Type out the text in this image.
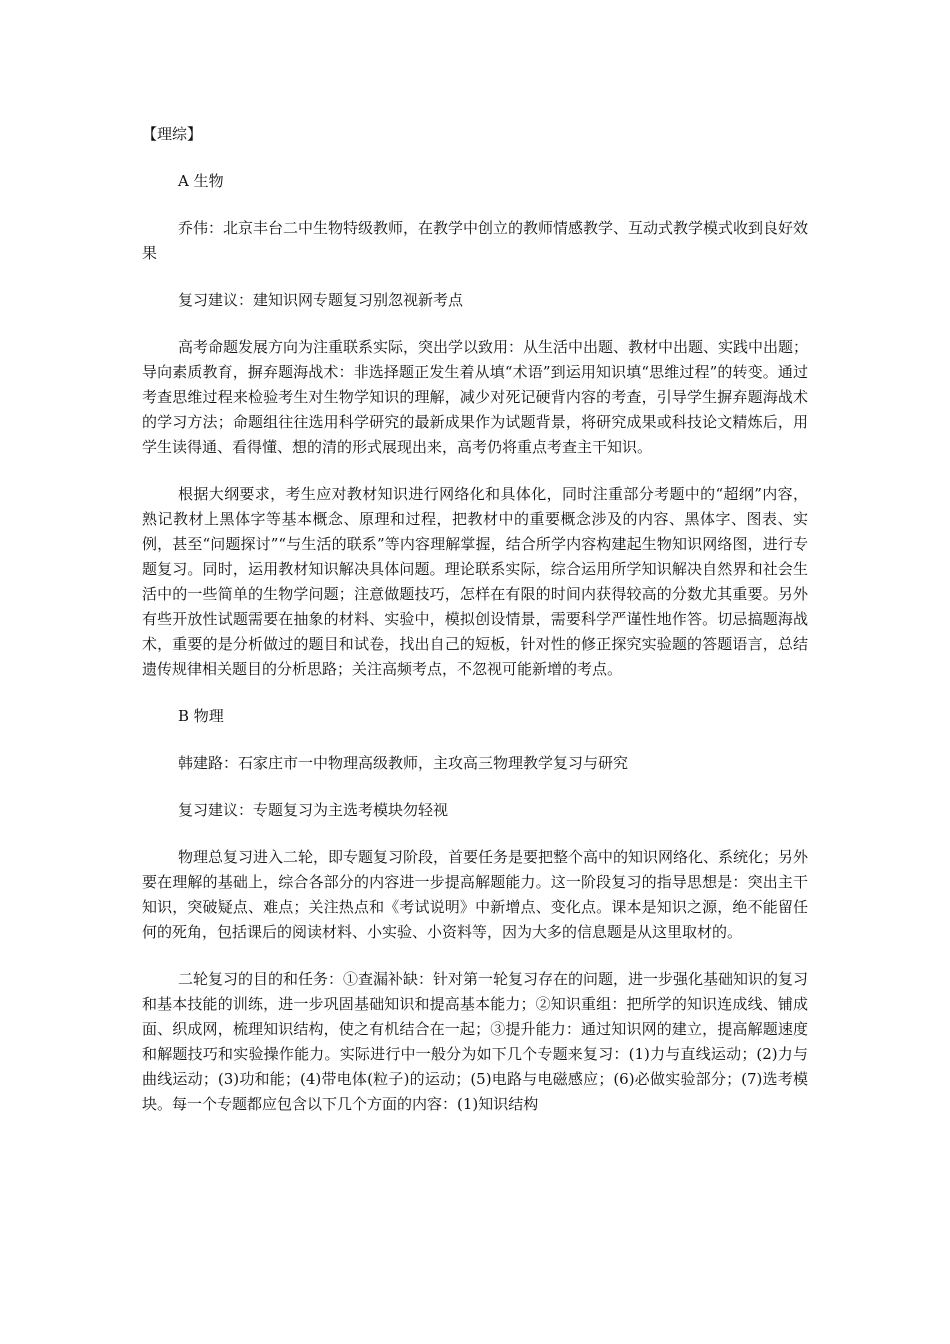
【理综】
A 生物
乔伟：北京丰台二中生物特级教师，在教学中创立的教师情感教学、互动式教学模式收到良好效果
复习建议：建知识网专题复习别忽视新考点
高考命题发展方向为注重联系实际，突出学以致用：从生活中出题、教材中出题、实践中出题；导向素质教育，摒弃题海战术：非选择题正发生着从填“术语”到运用知识填“思维过程”的转变。通过考查思维过程来检验考生对生物学知识的理解，减少对死记硬背内容的考查，引导学生摒弃题海战术的学习方法；命题组往往选用科学研究的最新成果作为试题背景，将研究成果或科技论文精炼后，用学生读得通、看得懂、想的清的形式展现出来，高考仍将重点考查主干知识。
根据大纲要求，考生应对教材知识进行网络化和具体化，同时注重部分考题中的“超纲”内容，熟记教材上黑体字等基本概念、原理和过程，把教材中的重要概念涉及的内容、黑体字、图表、实例，甚至“问题探讨”“与生活的联系”等内容理解掌握，结合所学内容构建起生物知识网络图，进行专题复习。同时，运用教材知识解决具体问题。理论联系实际，综合运用所学知识解决自然界和社会生活中的一些简单的生物学问题；注意做题技巧，怎样在有限的时间内获得较高的分数尤其重要。另外有些开放性试题需要在抽象的材料、实验中，模拟创设情景，需要科学严谨性地作答。切忌搞题海战术，重要的是分析做过的题目和试卷，找出自己的短板，针对性的修正探究实验题的答题语言，总结遗传规律相关题目的分析思路；关注高频考点，不忽视可能新增的考点。
B 物理
韩建路：石家庄市一中物理高级教师，主攻高三物理教学复习与研究
复习建议：专题复习为主选考模块勿轻视
物理总复习进入二轮，即专题复习阶段，首要任务是要把整个高中的知识网络化、系统化；另外要在理解的基础上，综合各部分的内容进一步提高解题能力。这一阶段复习的指导思想是：突出主干知识，突破疑点、难点；关注热点和《考试说明》中新增点、变化点。课本是知识之源，绝不能留任何的死角，包括课后的阅读材料、小实验、小资料等，因为大多的信息题是从这里取材的。
二轮复习的目的和任务：①查漏补缺：针对第一轮复习存在的问题，进一步强化基础知识的复习和基本技能的训练，进一步巩固基础知识和提高基本能力；②知识重组：把所学的知识连成线、铺成面、织成网，梳理知识结构，使之有机结合在一起；③提升能力：通过知识网的建立，提高解题速度和解题技巧和实验操作能力。实际进行中一般分为如下几个专题来复习：(1)力与直线运动；(2)力与曲线运动；(3)功和能；(4)带电体(粒子)的运动；(5)电路与电磁感应；(6)必做实验部分；(7)选考模块。每一个专题都应包含以下几个方面的内容：(1)知识结构
